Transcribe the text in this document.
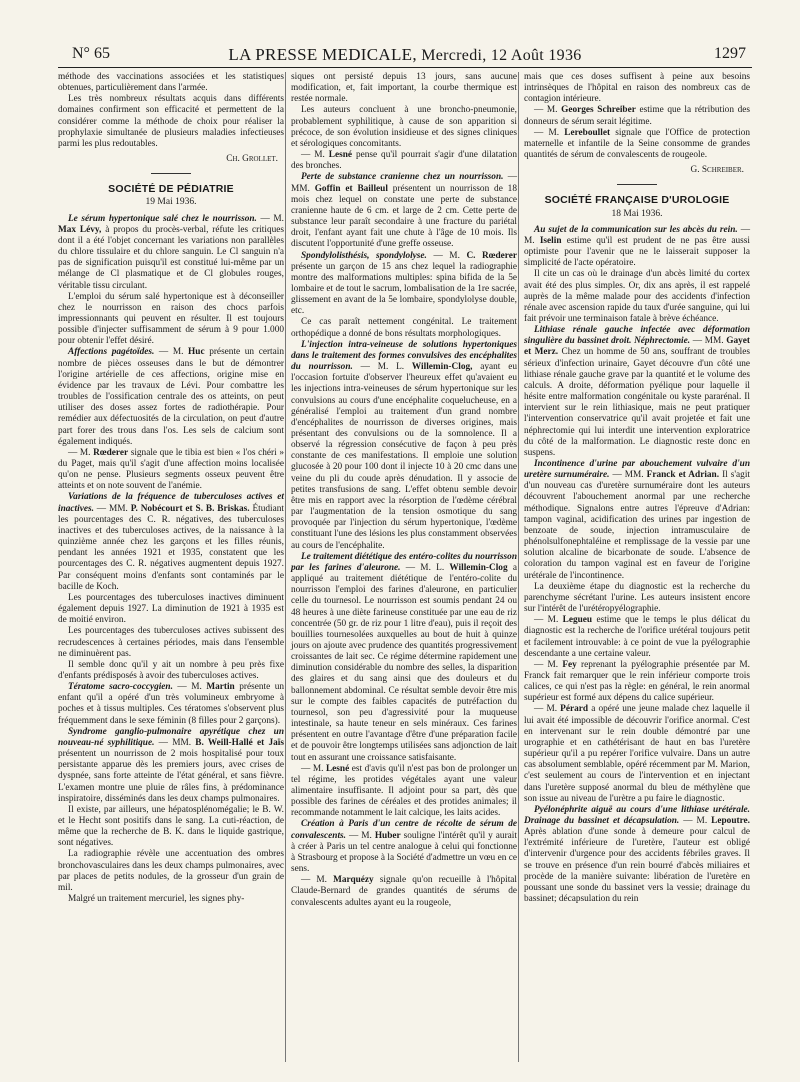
N° 65	LA PRESSE MEDICALE, Mercredi, 12 Août 1936	1297

méthode des vaccinations associées et les statistiques obtenues, particulièrement dans l'armée.

Les très nombreux résultats acquis dans différents domaines confirment son efficacité et permettent de la considérer comme la méthode de choix pour réaliser la prophylaxie simultanée de plusieurs maladies infectieuses parmi les plus redoutables.

Ch. Grollet.

SOCIÉTÉ DE PÉDIATRIE
19 Mai 1936.

Le sérum hypertonique salé chez le nourrisson. — M. Max Lévy, à propos du procès-verbal, réfute les critiques dont il a été l'objet concernant les variations non parallèles du chlore tissulaire et du chlore sanguin. Le Cl sanguin n'a pas de signification puisqu'il est constitué lui-même par un mélange de Cl plasmatique et de Cl globules rouges, véritable tissu circulant.

L'emploi du sérum salé hypertonique est à déconseiller chez le nourrisson en raison des chocs parfois impressionnants qui peuvent en résulter. Il est toujours possible d'injecter suffisamment de sérum à 9 pour 1.000 pour obtenir l'effet désiré.

Affections pagétoïdes. — M. Huc présente un certain nombre de pièces osseuses dans le but de démontrer l'origine artérielle de ces affections, origine mise en évidence par les travaux de Lévi. Pour combattre les troubles de l'ossification centrale des os atteints, on peut utiliser des doses assez fortes de radiothérapie. Pour remédier aux défectuosités de la circulation, on peut d'autre part forer des trous dans l'os. Les sels de calcium sont également indiqués.

— M. Rœderer signale que le tibia est bien « l'os chéri » du Paget, mais qu'il s'agit d'une affection moins localisée qu'on ne pense. Plusieurs segments osseux peuvent être atteints et on note souvent de l'anémie.

Variations de la fréquence de tuberculoses actives et inactives. — MM. P. Nobécourt et S. B. Briskas. Étudiant les pourcentages des C. R. négatives, des tuberculoses inactives et des tuberculoses actives, de la naissance à la quinzième année chez les garçons et les filles réunis, pendant les années 1921 et 1935, constatent que les pourcentages des C. R. négatives augmentent depuis 1927. Par conséquent moins d'enfants sont contaminés par le bacille de Koch.

Les pourcentages des tuberculoses inactives diminuent également depuis 1927. La diminution de 1921 à 1935 est de moitié environ.

Les pourcentages des tuberculoses actives subissent des recrudescences à certaines périodes, mais dans l'ensemble ne diminuèrent pas.

Il semble donc qu'il y ait un nombre à peu près fixe d'enfants prédisposés à avoir des tuberculoses actives.

Tératome sacro-coccygien. — M. Martin présente un enfant qu'il a opéré d'un très volumineux embryome à poches et à tissus multiples. Ces tératomes s'observent plus fréquemment dans le sexe féminin (8 filles pour 2 garçons).

Syndrome ganglio-pulmonaire apyrétique chez un nouveau-né syphilitique. — MM. B. Weill-Hallé et Jaïs présentent un nourrisson de 2 mois hospitalisé pour toux persistante apparue dès les premiers jours, avec crises de dyspnée, sans forte atteinte de l'état général, et sans fièvre. L'examen montre une pluie de râles fins, à prédominance inspiratoire, disséminés dans les deux champs pulmonaires.

Il existe, par ailleurs, une hépatosplénomégalie; le B. W. et le Hecht sont positifs dans le sang. La cuti-réaction, de même que la recherche de B. K. dans le liquide gastrique, sont négatives.

La radiographie révèle une accentuation des ombres bronchovasculaires dans les deux champs pulmonaires, avec par places de petits nodules, de la grosseur d'un grain de mil.

Malgré un traitement mercuriel, les signes phy-

siques ont persisté depuis 13 jours, sans aucune modification, et, fait important, la courbe thermique est restée normale.

Les auteurs concluent à une broncho-pneumonie, probablement syphilitique, à cause de son apparition si précoce, de son évolution insidieuse et des signes cliniques et sérologiques concomitants.

— M. Lesné pense qu'il pourrait s'agir d'une dilatation des bronches.

Perte de substance cranienne chez un nourrisson. — MM. Goffin et Bailleul présentent un nourrisson de 18 mois chez lequel on constate une perte de substance cranienne haute de 6 cm. et large de 2 cm. Cette perte de substance leur paraît secondaire à une fracture du pariétal droit, l'enfant ayant fait une chute à l'âge de 10 mois. Ils discutent l'opportunité d'une greffe osseuse.

Spondylolisthésis, spondylolyse. — M. C. Rœderer présente un garçon de 15 ans chez lequel la radiographie montre des malformations multiples: spina bifida de la 5e lombaire et de tout le sacrum, lombalisation de la 1re sacrée, glissement en avant de la 5e lombaire, spondylolyse double, etc.

Ce cas paraît nettement congénital. Le traitement orthopédique a donné de bons résultats morphologiques.

L'injection intra-veineuse de solutions hypertoniques dans le traitement des formes convulsives des encéphalites du nourrisson. — M. L. Willemin-Clog, ayant eu l'occasion fortuite d'observer l'heureux effet qu'avaient eu les injections intra-veineuses de sérum hypertonique sur les convulsions au cours d'une encéphalite coqueluchеuse, en a généralisé l'emploi au traitement d'un grand nombre d'encéphalites de nourrisson de diverses origines, mais présentant des convulsions ou de la somnolence. Il a observé la régression consécutive de façon à peu près constante de ces manifestations. Il emploie une solution glucosée à 20 pour 100 dont il injecte 10 à 20 cmc dans une veine du pli du coude après dénudation. Il y associe de petites transfusions de sang. L'effet obtenu semble devoir être mis en rapport avec la résorption de l'œdème cérébral par l'augmentation de la tension osmotique du sang provoquée par l'injection du sérum hypertonique, l'œdème constituant l'une des lésions les plus constamment observées au cours de l'encéphalite.

Le traitement diététique des entéro-colites du nourrisson par les farines d'aleurone. — M. L. Willemin-Clog a appliqué au traitement diététique de l'entéro-colite du nourrisson l'emploi des farines d'aleurone, en particulier celle du tournesol. Le nourrisson est soumis pendant 24 ou 48 heures à une diète farineuse constituée par une eau de riz concentrée (50 gr. de riz pour 1 litre d'eau), puis il reçoit des bouillies tournesolées auxquelles au bout de huit à quinze jours on ajoute avec prudence des quantités progressivement croissantes de lait sec. Ce régime détermine rapidement une diminution considérable du nombre des selles, la disparition des glaires et du sang ainsi que des douleurs et du ballonnement abdominal. Ce résultat semble devoir être mis sur le compte des faibles capacités de putréfaction du tournesol, son peu d'agressivité pour la muqueuse intestinale, sa haute teneur en sels minéraux. Ces farines présentent en outre l'avantage d'être d'une préparation facile et de pouvoir être longtemps utilisées sans adjonction de lait tout en assurant une croissance satisfaisante.

— M. Lesné est d'avis qu'il n'est pas bon de prolonger un tel régime, les protides végétales ayant une valeur alimentaire insuffisante. Il adjoint pour sa part, dès que possible des farines de céréales et des protides animales; il recommande notamment le lait calcique, les laits acides.

Création à Paris d'un centre de récolte de sérum de convalescents. — M. Huber souligne l'intérêt qu'il y aurait à créer à Paris un tel centre analogue à celui qui fonctionne à Strasbourg et propose à la Société d'admettre un vœu en ce sens.

— M. Marquézy signale qu'on recueille à l'hôpital Claude-Bernard de grandes quantités de sérums de convalescents adultes ayant eu la rougeole,

mais que ces doses suffisent à peine aux besoins intrinsèques de l'hôpital en raison des nombreux cas de contagion intérieure.

— M. Georges Schreiber estime que la rétribution des donneurs de sérum serait légitime.

— M. Lereboullet signale que l'Office de protection maternelle et infantile de la Seine consomme de grandes quantités de sérum de convalescents de rougeole.

G. Schreiber.

SOCIÉTÉ FRANÇAISE D'UROLOGIE
18 Mai 1936.

Au sujet de la communication sur les abcès du rein. — M. Iselin estime qu'il est prudent de ne pas être aussi optimiste pour l'avenir que ne le laisserait supposer la simplicité de l'acte opératoire.

Il cite un cas où le drainage d'un abcès limité du cortex avait été des plus simples. Or, dix ans après, il est rappelé auprès de la même malade pour des accidents d'infection rénale avec ascension rapide du taux d'urée sanguine, qui lui fait prévoir une terminaison fatale à brève échéance.

Lithiase rénale gauche infectée avec déformation singulière du bassinet droit. Néphrectomie. — MM. Gayet et Merz. Chez un homme de 50 ans, souffrant de troubles sérieux d'infection urinaire, Gayet découvre d'un côté une lithiase rénale gauche grave par la quantité et le volume des calculs. A droite, déformation pyélique pour laquelle il hésite entre malformation congénitale ou kyste pararénal. Il intervient sur le rein lithiasique, mais ne peut pratiquer l'intervention conservatrice qu'il avait projetée et fait une néphrectomie qui lui interdit une intervention exploratrice du côté de la malformation. Le diagnostic reste donc en suspens.

Incontinence d'urine par abouchement vulvaire d'un uretère surnuméraire. — MM. Franck et Adrian. Il s'agit d'un nouveau cas d'uretère surnuméraire dont les auteurs découvrent l'abouchement anormal par une recherche méthodique. Signalons entre autres l'épreuve d'Adrian: tampon vaginal, acidification des urines par ingestion de benzoate de soude, injection intramusculaire de phénolsulfonephtaléine et remplissage de la vessie par une solution alcaline de bicarbonate de soude. L'absence de coloration du tampon vaginal est en faveur de l'origine urétérale de l'incontinence.

La deuxième étape du diagnostic est la recherche du parenchyme sécrétant l'urine. Les auteurs insistent encore sur l'intérêt de l'urétéropyélographie.

— M. Legueu estime que le temps le plus délicat du diagnostic est la recherche de l'orifice urétéral toujours petit et facilement introuvable: à ce point de vue la pyélographie descendante a une certaine valeur.

— M. Fey reprenant la pyélographie présentée par M. Franck fait remarquer que le rein inférieur comporte trois calices, ce qui n'est pas la règle: en général, le rein anormal supérieur est formé aux dépens du calice supérieur.

— M. Pérard a opéré une jeune malade chez laquelle il lui avait été impossible de découvrir l'orifice anormal. C'est en intervenant sur le rein double démontré par une urographie et en cathétérisant de haut en bas l'uretère supérieur qu'il a pu repérer l'orifice vulvaire. Dans un autre cas absolument semblable, opéré récemment par M. Marion, c'est seulement au cours de l'intervention et en injectant dans l'uretère supposé anormal du bleu de méthylène que son issue au niveau de l'urètre a pu faire le diagnostic.

Pyélonéphrite aiguë au cours d'une lithiase urétérale. Drainage du bassinet et décapsulation. — M. Lepoutre. Après ablation d'une sonde à demeure pour calcul de l'extrémité inférieure de l'uretère, l'auteur est obligé d'intervenir d'urgence pour des accidents fébriles graves. Il se trouve en présence d'un rein bourré d'abcès miliaires et procède de la manière suivante: libération de l'uretère en poussant une sonde du bassinet vers la vessie; drainage du bassinet; décapsulation du rein
